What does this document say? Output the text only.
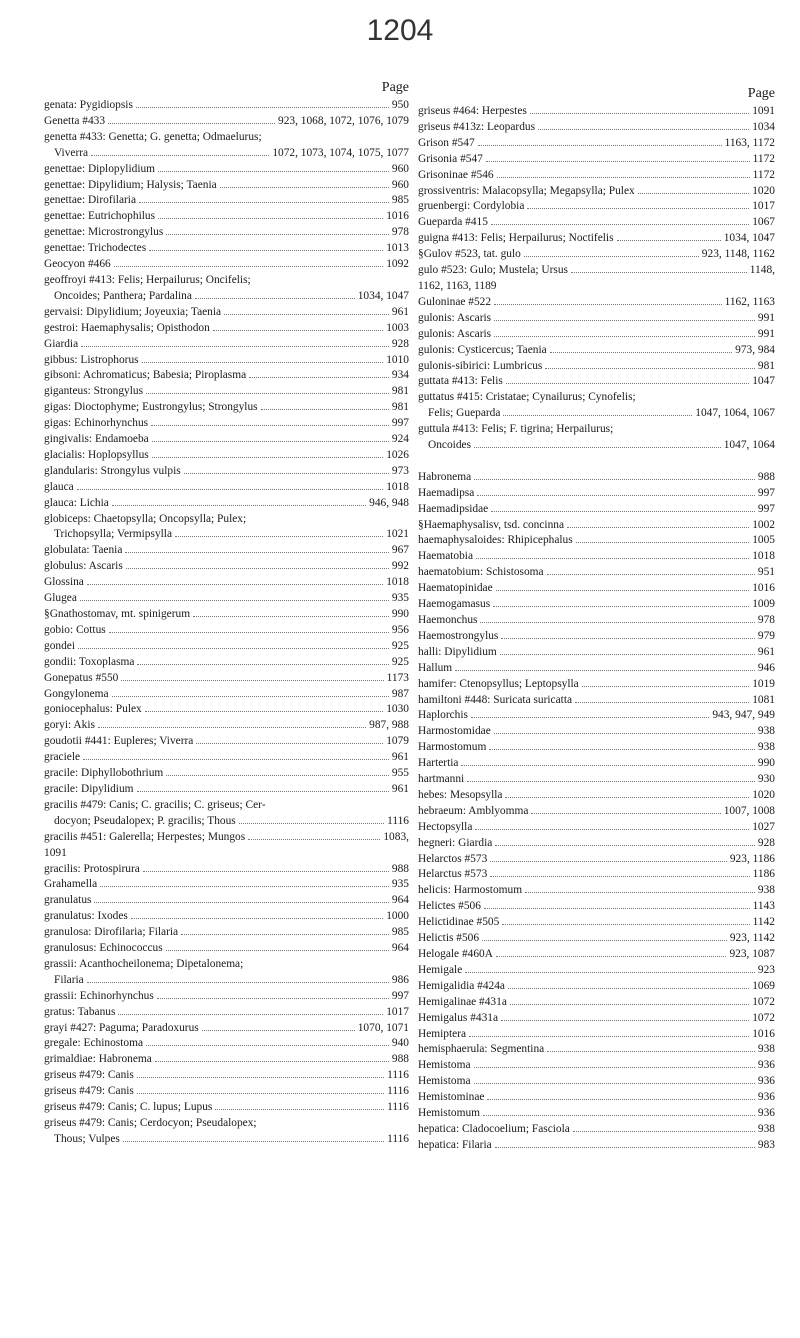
1204
Page
genata: Pygidiopsis	950
Genetta #433	923, 1068, 1072, 1076, 1079
genetta #433: Genetta; G. genetta; Odmaelurus;
Viverra	1072, 1073, 1074, 1075, 1077
genettae: Diplopylidium	960
genettae: Dipylidium; Halysis; Taenia	960
genettae: Dirofilaria	985
genettae: Eutrichophilus	1016
genettae: Microstrongylus	978
genettae: Trichodectes	1013
Geocyon #466	1092
geoffroyi #413: Felis; Herpailurus; Oncifelis;
Oncoides; Panthera; Pardalina	1034, 1047
gervaisi: Dipylidium; Joyeuxia; Taenia	961
gestroi: Haemaphysalis; Opisthodon	1003
Giardia	928
gibbus: Listrophorus	1010
gibsoni: Achromaticus; Babesia; Piroplasma	934
giganteus: Strongylus	981
gigas: Dioctophyme; Eustrongylus; Strongylus	981
gigas: Echinorhynchus	997
gingivalis: Endamoeba	924
glacialis: Hoplopsyllus	1026
glandularis: Strongylus vulpis	973
glauca	1018
glauca: Lichia	946, 948
globiceps: Chaetopsylla; Oncopsylla; Pulex;
Trichopsylla; Vermipsylla	1021
globulata: Taenia	967
globulus: Ascaris	992
Glossina	1018
Glugea	935
§Gnathostomav, mt. spinigerum	990
gobio: Cottus	956
gondei	925
gondii: Toxoplasma	925
Gonepatus #550	1173
Gongylonema	987
goniocephalus: Pulex	1030
goryi: Akis	987, 988
goudotii #441: Eupleres; Viverra	1079
graciele	961
gracile: Diphyllobothrium	955
gracile: Dipylidium	961
gracilis #479: Canis; C. gracilis; C. griseus; Cer-
docyon; Pseudalopex; P. gracilis; Thous	1116
gracilis #451: Galerella; Herpestes; Mungos	1083,
1091
gracilis: Protospirura	988
Grahamella	935
granulatus	964
granulatus: Ixodes	1000
granulosa: Dirofilaria; Filaria	985
granulosus: Echinococcus	964
grassii: Acanthocheilonema; Dipetalonema;
Filaria	986
grassii: Echinorhynchus	997
gratus: Tabanus	1017
grayi #427: Paguma; Paradoxurus	1070, 1071
gregale: Echinostoma	940
grimaldiae: Habronema	988
griseus #479: Canis	1116
griseus #479: Canis	1116
griseus #479: Canis; C. lupus; Lupus	1116
griseus #479: Canis; Cerdocyon; Pseudalopex;
Thous; Vulpes	1116
Page
griseus #464: Herpestes	1091
griseus #413z: Leopardus	1034
Grison #547	1163, 1172
Grisonia #547	1172
Grisoninae #546	1172
grossiventris: Malacopsylla; Megapsylla; Pulex	1020
gruenbergi: Cordylobia	1017
Guepardа #415	1067
guigna #413: Felis; Herpailurus; Noctifelis	1034, 1047
§Gulov #523, tat. gulo	923, 1148, 1162
gulo #523: Gulo; Mustela; Ursus	1148,
1162, 1163, 1189
Guloninae #522	1162, 1163
gulonis: Ascaris	991
gulonis: Ascaris	991
gulonis: Cysticercus; Taenia	973, 984
gulonis-sibirici: Lumbricus	981
guttata #413: Felis	1047
guttatus #415: Cristatae; Cynailurus; Cynofelis;
Felis; Gueparda	1047, 1064, 1067
guttula #413: Felis; F. tigrina; Herpailurus;
Oncoides	1047, 1064
Habronema	988
Haemadipsa	997
Haemadipsidae	997
§Haemaphysalisv, tsd. concinna	1002
haemaphysaloides: Rhipicephalus	1005
Haematobia	1018
haematobium: Schistosoma	951
Haematopinidae	1016
Haemogamasus	1009
Haemonchus	978
Haemostrongylus	979
halli: Dipylidium	961
Hallum	946
hamifer: Ctenopsyllus; Leptopsylla	1019
hamiltoni #448: Suricata suricatta	1081
Haplorchis	943, 947, 949
Harmostomidae	938
Harmostomum	938
Hartertia	990
hartmanni	930
hebes: Mesopsylla	1020
hebraeum: Amblyomma	1007, 1008
Hectopsylla	1027
hegneri: Giardia	928
Helarctos #573	923, 1186
Helarctus #573	1186
helicis: Harmostomum	938
Helictes #506	1143
Helictidinae #505	1142
Helictis #506	923, 1142
Helogale #460A	923, 1087
Hemigale	923
Hemigalidia #424a	1069
Hemigalinae #431a	1072
Hemigalus #431a	1072
Hemiptera	1016
hemisphaerula: Segmentina	938
Hemistoma	936
Hemistoma	936
Hemistominae	936
Hemistomum	936
hepatica: Cladocoelium; Fasciola	938
hepatica: Filaria	983
